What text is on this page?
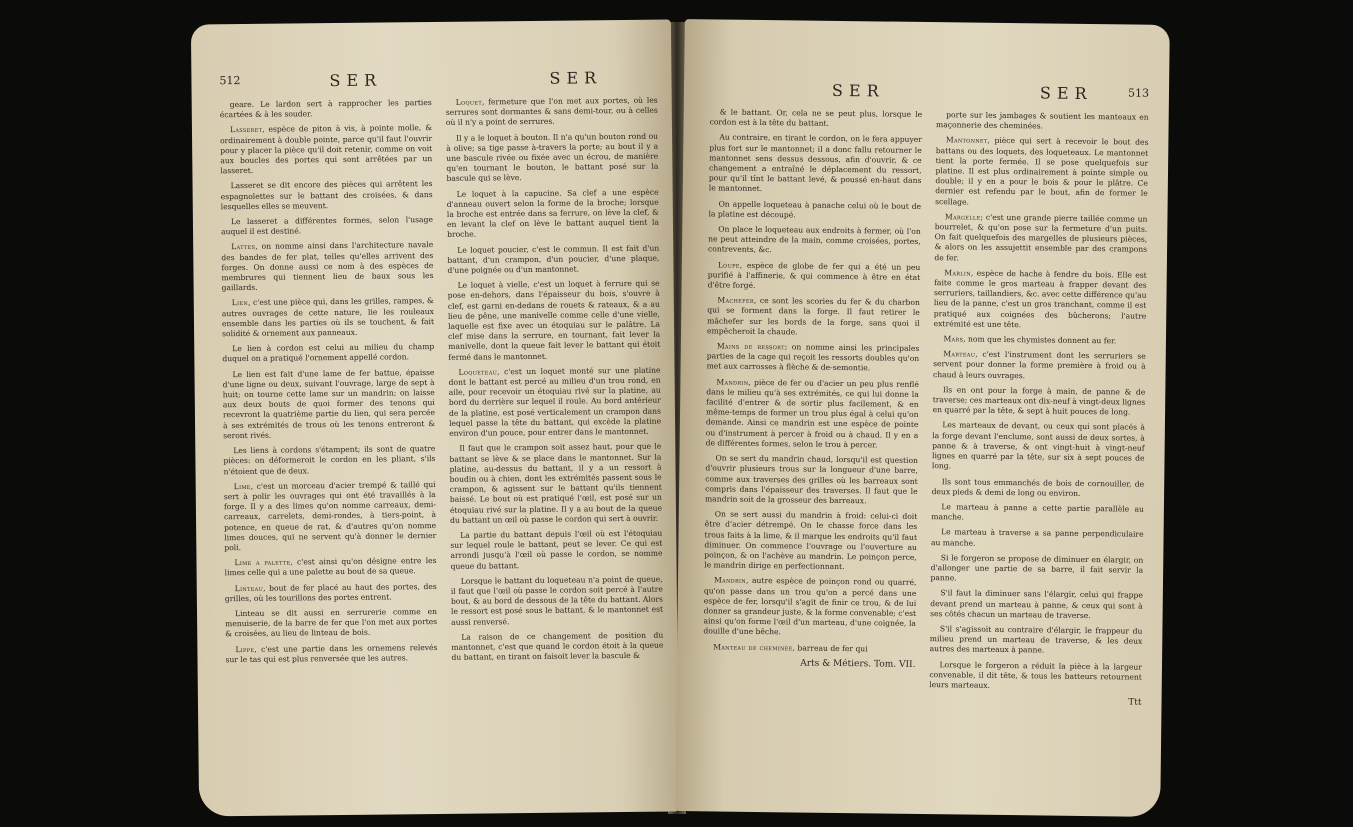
512	SER	SER

geare. Le lardon sert à rapprocher les parties écartées & à les souder.

Lasseret, espèce de piton à vis, à pointe molle, & ordinairement à double pointe, parce qu'il faut l'ouvrir pour y placer la pièce qu'il doit retenir, comme on voit aux boucles des portes qui sont arrêtées par un lasseret.

Lasseret se dit encore des pièces qui arrêtent les espagnolettes sur le battant des croisées, & dans lesquelles elles se meuvent.

Le lasseret a différentes formes, selon l'usage auquel il est destiné.

Lattes, on nomme ainsi dans l'architecture navale des bandes de fer plat, telles qu'elles arrivent des forges. On donne aussi ce nom à des espèces de membrures qui tiennent lieu de baux sous les gaillards.

Lien, c'est une pièce qui, dans les grilles, rampes, & autres ouvrages de cette nature, lie les rouleaux ensemble dans les parties où ils se touchent, & fait solidité & ornement aux panneaux.

Le lien à cordon est celui au milieu du champ duquel on a pratiqué l'ornement appellé cordon.

Le lien est fait d'une lame de fer battue, épaisse d'une ligne ou deux, suivant l'ouvrage, large de sept à huit; on tourne cette lame sur un mandrin; on laisse aux deux bouts de quoi former des tenons qui recevront la quatrième partie du lien, qui sera percée à ses extrémités de trous où les tenons entreront & seront rivés.

Les liens à cordons s'étampent; ils sont de quatre pièces: on déformeroit le cordon en les pliant, s'ils n'étoient que de deux.

Lime, c'est un morceau d'acier trempé & taillé qui sert à polir les ouvrages qui ont été travaillés à la forge. Il y a des limes qu'on nomme carreaux, demi-carreaux, carrelets, demi-rondes, à tiers-point, à potence, en queue de rat, & d'autres qu'on nomme limes douces, qui ne servent qu'à donner le dernier poli.

Lime a palette, c'est ainsi qu'on désigne entre les limes celle qui a une palette au bout de sa queue.

Linteau, bout de fer placé au haut des portes, des grilles, où les tourillons des portes entrent.

Linteau se dit aussi en serrurerie comme en menuiserie, de la barre de fer que l'on met aux portes & croisées, au lieu de linteau de bois.

Lippe, c'est une partie dans les ornemens relevés sur le tas qui est plus renversée que les autres.

Loquet, fermeture que l'on met aux portes, où les serrures sont dormantes & sans demi-tour, ou à celles où il n'y a point de serrures.

Il y a le loquet à bouton. Il n'a qu'un bouton rond ou à olive; sa tige passe à-travers la porte; au bout il y a une bascule rivée ou fixée avec un écrou, de manière qu'en tournant le bouton, le battant posé sur la bascule qui se lève.

Le loquet à la capucine. Sa clef a une espèce d'anneau ouvert selon la forme de la broche; lorsque la broche est entrée dans sa ferrure, on lève la clef, & en levant la clef on lève le battant auquel tient la broche.

Le loquet poucier, c'est le commun. Il est fait d'un battant, d'un crampon, d'un poucier, d'une plaque, d'une poignée ou d'un mantonnet.

Le loquet à vielle, c'est un loquet à ferrure qui se pose en-dehors, dans l'épaisseur du bois, s'ouvre à clef, est garni en-dedans de rouets & rateaux, & a au lieu de pêne, une manivelle comme celle d'une vielle, laquelle est fixe avec un étoquiau sur le palâtre. La clef mise dans la serrure, en tournant, fait lever la manivelle, dont la queue fait lever le battant qui étoit fermé dans le mantonnet.

Loqueteau, c'est un loquet monté sur une platine dont le battant est percé au milieu d'un trou rond, en aile, pour recevoir un étoquiau rivé sur la platine, au bord du derrière sur lequel il roule. Au bord antérieur de la platine, est posé verticalement un crampon dans lequel passe la tête du battant, qui excède la platine environ d'un pouce, pour entrer dans le mantonnet.

Il faut que le crampon soit assez haut, pour que le battant se lève & se place dans le mantonnet. Sur la platine, au-dessus du battant, il y a un ressort à boudin ou à chien, dont les extrémités passent sous le crampon, & agissent sur le battant qu'ils tiennent baissé. Le bout où est pratiqué l'œil, est posé sur un étoquiau rivé sur la platine. Il y a au bout de la queue du battant un œil où passe le cordon qui sert à ouvrir.

La partie du battant depuis l'œil où est l'étoquiau sur lequel roule le battant, peut se lever. Ce qui est arrondi jusqu'à l'œil où passe le cordon, se nomme queue du battant.

Lorsque le battant du loqueteau n'a point de queue, il faut que l'œil où passe le cordon soit percé à l'autre bout, & au bord de dessous de la tête du battant. Alors le ressort est posé sous le battant, & le mantonnet est aussi renversé.

La raison de ce changement de position du mantonnet, c'est que quand le cordon étoit à la queue du battant, en tirant on faisoit lever la bascule &

SER	SER	513

& le battant. Or, cela ne se peut plus, lorsque le cordon est à la tête du battant.

Au contraire, en tirant le cordon, on le fera appuyer plus fort sur le mantonnet; il a donc fallu retourner le mantonnet sens dessus dessous, afin d'ouvrir, & ce changement a entraîné le déplacement du ressort, pour qu'il tînt le battant levé, & poussé en-haut dans le mantonnet.

On appelle loqueteau à panache celui où le bout de la platine est découpé.

On place le loqueteau aux endroits à fermer, où l'on ne peut atteindre de la main, comme croisées, portes, contrevents, &c.

Loupe, espèce de globe de fer qui a été un peu purifié à l'affinerie, & qui commence à être en état d'être forgé.

Machefer, ce sont les scories du fer & du charbon qui se forment dans la forge. Il faut retirer le mâchefer sur les bords de la forge, sans quoi il empêcheroit la chaude.

Mains de ressort; on nomme ainsi les principales parties de la cage qui reçoit les ressorts doubles qu'on met aux carrosses à flèche & de-semontie.

Mandrin, pièce de fer ou d'acier un peu plus renflé dans le milieu qu'à ses extrémités, ce qui lui donne la facilité d'entrer & de sortir plus facilement, & en même-temps de former un trou plus égal à celui qu'on demande. Ainsi ce mandrin est une espèce de pointe ou d'instrument à percer à froid ou à chaud. Il y en a de différentes formes, selon le trou à percer.

On se sert du mandrin chaud, lorsqu'il est question d'ouvrir plusieurs trous sur la longueur d'une barre, comme aux traverses des grilles où les barreaux sont compris dans l'épaisseur des traverses. Il faut que le mandrin soit de la grosseur des barreaux.

On se sert aussi du mandrin à froid: celui-ci doit être d'acier détrempé. On le chasse force dans les trous faits à la lime, & il marque les endroits qu'il faut diminuer. On commence l'ouvrage ou l'ouverture au poinçon, & on l'achève au mandrin. Le poinçon perce, le mandrin dirige en perfectionnant.

Mandrin, autre espèce de poinçon rond ou quarré, qu'on passe dans un trou qu'on a percé dans une espèce de fer, lorsqu'il s'agit de finir ce trou, & de lui donner sa grandeur juste, & la forme convenable; c'est ainsi qu'on forme l'œil d'un marteau, d'une coignée, la douille d'une bêche.

Manteau de cheminée, barreau de fer qui

Arts & Métiers. Tom. VII.

porte sur les jambages & soutient les manteaux en maçonnerie des cheminées.

Mantonnet, pièce qui sert à recevoir le bout des battans ou des loquets, des loqueteaux. Le mantonnet tient la porte fermée. Il se pose quelquefois sur platine. Il est plus ordinairement à pointe simple ou double; il y en a pour le bois & pour le plâtre. Ce dernier est refendu par le bout, afin de former le scellage.

Margelle; c'est une grande pierre taillée comme un bourrelet, & qu'on pose sur la fermeture d'un puits. On fait quelquefois des margelles de plusieurs pièces, & alors on les assujettit ensemble par des crampons de fer.

Marlin, espèce de hache à fendre du bois. Elle est faite comme le gros marteau à frapper devant des serruriers, taillandiers, &c. avec cette différence qu'au lieu de la panne, c'est un gros tranchant, comme il est pratiqué aux coignées des bûcherons; l'autre extrémité est une tête.

Mars, nom que les chymistes donnent au fer.

Marteau, c'est l'instrument dont les serruriers se servent pour donner la forme première à froid ou à chaud à leurs ouvrages.

Ils en ont pour la forge à main, de panne & de traverse; ces marteaux ont dix-neuf à vingt-deux lignes en quarré par la tête, & sept à huit pouces de long.

Les marteaux de devant, ou ceux qui sont placés à la forge devant l'enclume, sont aussi de deux sortes, à panne & à traverse, & ont vingt-huit à vingt-neuf lignes en quarré par la tête, sur six à sept pouces de long.

Ils sont tous emmanchés de bois de cornouiller, de deux pieds & demi de long ou environ.

Le marteau à panne a cette partie parallèle au manche.

Le marteau à traverse a sa panne perpendiculaire au manche.

Si le forgeron se propose de diminuer en élargir, on d'allonger une partie de sa barre, il fait servir la panne.

S'il faut la diminuer sans l'élargir, celui qui frappe devant prend un marteau à panne, & ceux qui sont à ses côtés chacun un marteau de traverse.

S'il s'agissoit au contraire d'élargir, le frappeur du milieu prend un marteau de traverse, & les deux autres des marteaux à panne.

Lorsque le forgeron a réduit la pièce à la largeur convenable, il dit tête, & tous les batteurs retournent leurs marteaux.

Ttt
